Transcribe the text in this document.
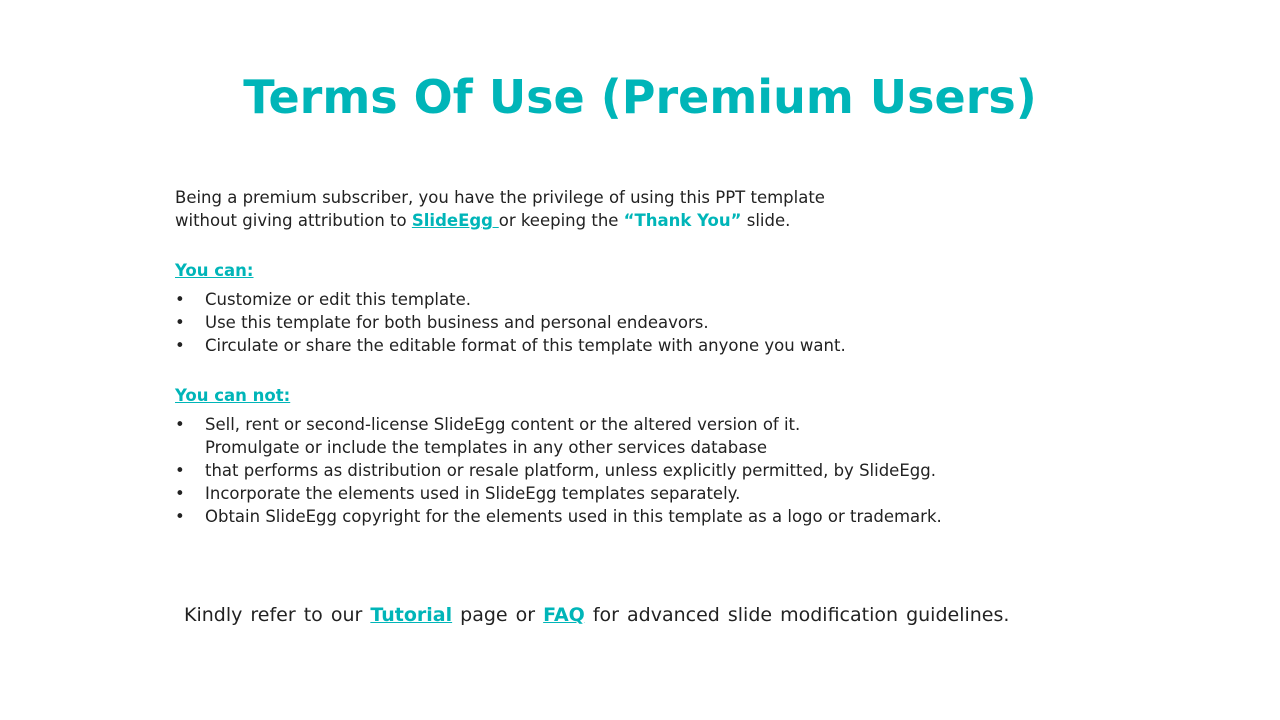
Terms Of Use (Premium Users)

Being a premium subscriber, you have the privilege of using this PPT template without giving attribution to SlideEgg or keeping the “Thank You” slide.

You can:
• Customize or edit this template.
• Use this template for both business and personal endeavors.
• Circulate or share the editable format of this template with anyone you want.
You can not:
• Sell, rent or second-license SlideEgg content or the altered version of it.
Promulgate or include the templates in any other services database
• that performs as distribution or resale platform, unless explicitly permitted, by SlideEgg.
• Incorporate the elements used in SlideEgg templates separately.
• Obtain SlideEgg copyright for the elements used in this template as a logo or trademark.
Kindly refer to our Tutorial page or FAQ for advanced slide modification guidelines.
